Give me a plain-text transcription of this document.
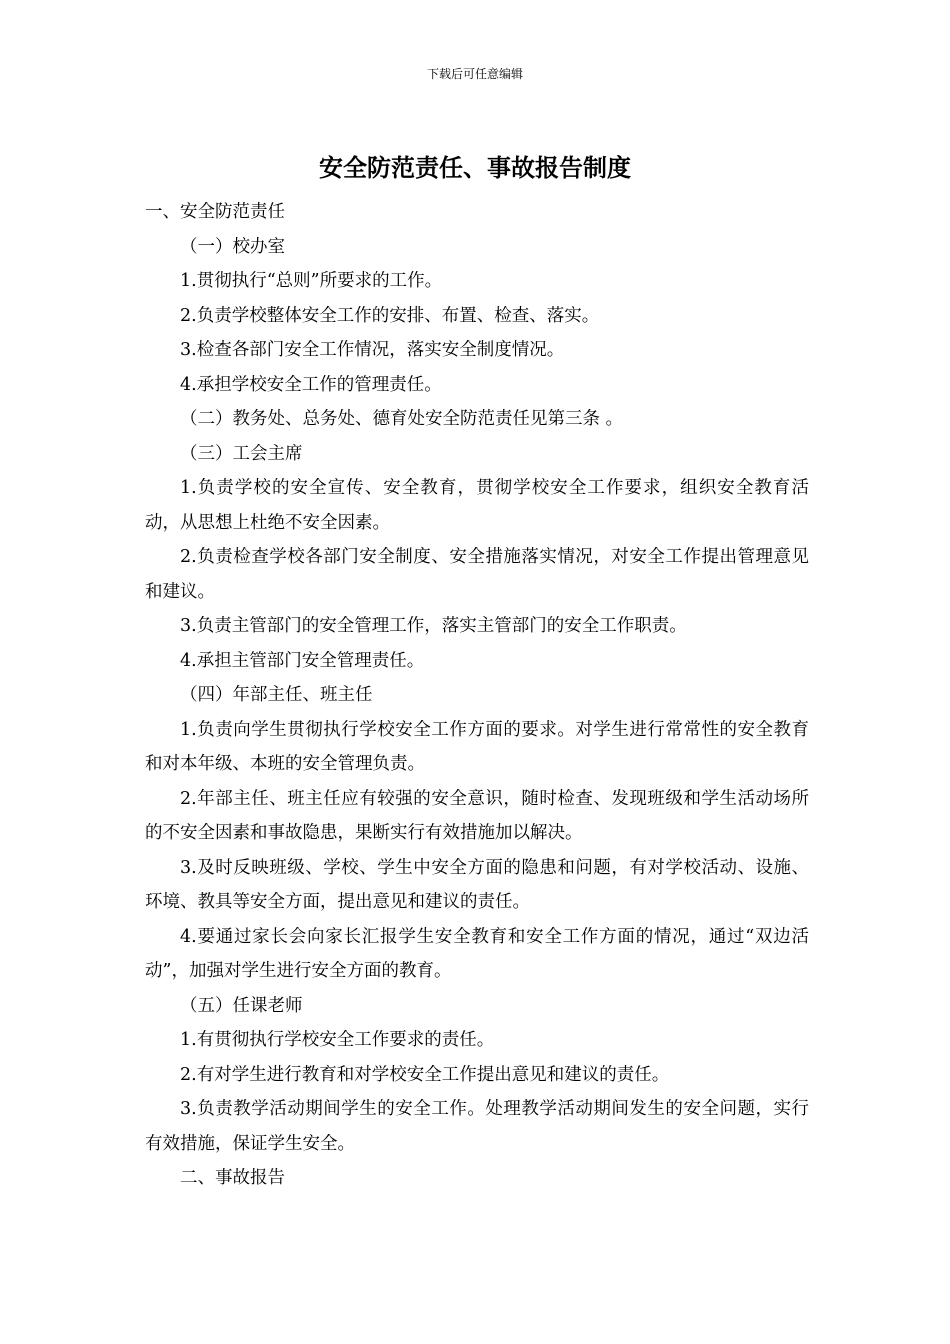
下载后可任意编辑
安全防范责任、事故报告制度

一、安全防范责任

（一）校办室

1.贯彻执行“总则”所要求的工作。

2.负责学校整体安全工作的安排、布置、检查、落实。

3.检查各部门安全工作情况，落实安全制度情况。

4.承担学校安全工作的管理责任。

（二）教务处、总务处、德育处安全防范责任见第三条 。

（三）工会主席

1.负责学校的安全宣传、安全教育，贯彻学校安全工作要求，组织安全教育活动，从思想上杜绝不安全因素。

2.负责检查学校各部门安全制度、安全措施落实情况，对安全工作提出管理意见和建议。

3.负责主管部门的安全管理工作，落实主管部门的安全工作职责。

4.承担主管部门安全管理责任。

（四）年部主任、班主任

1.负责向学生贯彻执行学校安全工作方面的要求。对学生进行常常性的安全教育和对本年级、本班的安全管理负责。

2.年部主任、班主任应有较强的安全意识，随时检查、发现班级和学生活动场所的不安全因素和事故隐患，果断实行有效措施加以解决。

3.及时反映班级、学校、学生中安全方面的隐患和问题，有对学校活动、设施、环境、教具等安全方面，提出意见和建议的责任。

4.要通过家长会向家长汇报学生安全教育和安全工作方面的情况，通过“双边活动”，加强对学生进行安全方面的教育。

（五）任课老师

1.有贯彻执行学校安全工作要求的责任。

2.有对学生进行教育和对学校安全工作提出意见和建议的责任。

3.负责教学活动期间学生的安全工作。处理教学活动期间发生的安全问题，实行有效措施，保证学生安全。

二、事故报告
